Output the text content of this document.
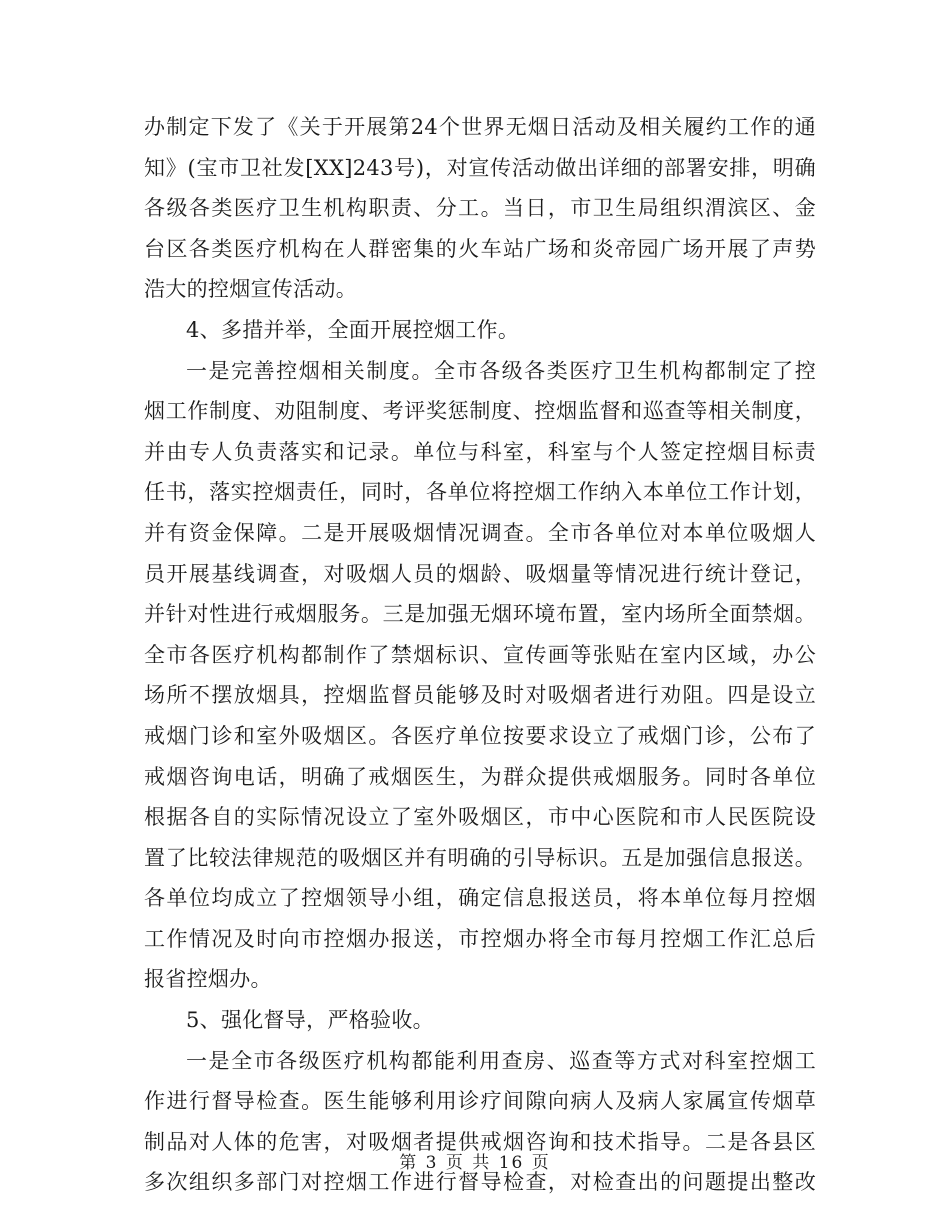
办制定下发了《关于开展第24个世界无烟日活动及相关履约工作的通
知》(宝市卫社发[XX]243号)，对宣传活动做出详细的部署安排，明确
各级各类医疗卫生机构职责、分工。当日，市卫生局组织渭滨区、金
台区各类医疗机构在人群密集的火车站广场和炎帝园广场开展了声势
浩大的控烟宣传活动。
4、多措并举，全面开展控烟工作。
一是完善控烟相关制度。全市各级各类医疗卫生机构都制定了控
烟工作制度、劝阻制度、考评奖惩制度、控烟监督和巡查等相关制度，
并由专人负责落实和记录。单位与科室，科室与个人签定控烟目标责
任书，落实控烟责任，同时，各单位将控烟工作纳入本单位工作计划，
并有资金保障。二是开展吸烟情况调查。全市各单位对本单位吸烟人
员开展基线调查，对吸烟人员的烟龄、吸烟量等情况进行统计登记，
并针对性进行戒烟服务。三是加强无烟环境布置，室内场所全面禁烟。
全市各医疗机构都制作了禁烟标识、宣传画等张贴在室内区域，办公
场所不摆放烟具，控烟监督员能够及时对吸烟者进行劝阻。四是设立
戒烟门诊和室外吸烟区。各医疗单位按要求设立了戒烟门诊，公布了
戒烟咨询电话，明确了戒烟医生，为群众提供戒烟服务。同时各单位
根据各自的实际情况设立了室外吸烟区，市中心医院和市人民医院设
置了比较法律规范的吸烟区并有明确的引导标识。五是加强信息报送。
各单位均成立了控烟领导小组，确定信息报送员，将本单位每月控烟
工作情况及时向市控烟办报送，市控烟办将全市每月控烟工作汇总后
报省控烟办。
5、强化督导，严格验收。
一是全市各级医疗机构都能利用查房、巡查等方式对科室控烟工
作进行督导检查。医生能够利用诊疗间隙向病人及病人家属宣传烟草
制品对人体的危害，对吸烟者提供戒烟咨询和技术指导。二是各县区
多次组织多部门对控烟工作进行督导检查，对检查出的问题提出整改
第 3 页 共 16 页
